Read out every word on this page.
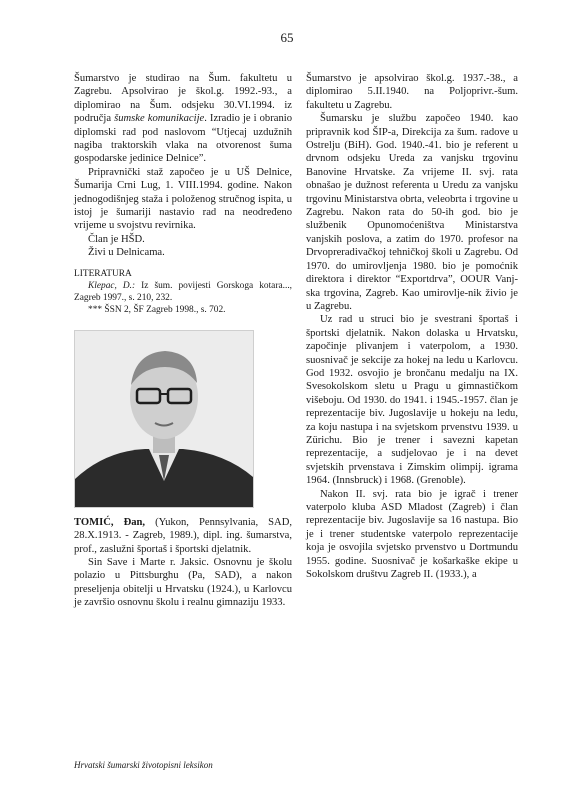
65

Šumarstvo je studirao na Šum. fakultetu u Zagrebu. Apsolvirao je škol.g. 1992.-93., a diplomirao na Šum. odsjeku 30.VI.1994. iz područja šumske komunikacije. Izradio je i obranio diplomski rad pod naslovom “Utjecaj uzdužnih nagiba traktorskih vlaka na otvorenost šuma gospodarske jedinice Delnice”.

Pripravnički staž započeo je u UŠ Delnice, Šumarija Crni Lug, 1. VIII.1994. godine. Nakon jednogodišnjeg staža i položenog stručnog ispita, u istoj je šumariji nastavio rad na neodređeno vrijeme u svojstvu revirnika.

Član je HŠD.

Živi u Delnicama.

LITERATURA

Klepac, D.: Iz šum. povijesti Gorskoga kotara..., Zagreb 1997., s. 210, 232.

*** ŠSN 2, ŠF Zagreb 1998., s. 702.

TOMIĆ, Đan, (Yukon, Pennsylvania, SAD, 28.X.1913. - Zagreb, 1989.), dipl. ing. šumarstva, prof., zaslužni športaš i športski djelatnik.

Sin Save i Marte r. Jaksic. Osnovnu je školu polazio u Pittsburghu (Pa, SAD), a nakon preseljenja obitelji u Hrvatsku (1924.), u Karlovcu je završio osnovnu školu i realnu gimnaziju 1933.

Šumarstvo je apsolvirao škol.g. 1937.-38., a diplomirao 5.II.1940. na Poljoprivr.-šum. fakultetu u Zagrebu.

Šumarsku je službu započeo 1940. kao pripravnik kod ŠIP-a, Direkcija za šum. radove u Ostrelju (BiH). God. 1940.-41. bio je referent u drvnom odsjeku Ureda za vanjsku trgovinu Banovine Hrvatske. Za vrijeme II. svj. rata obnašao je dužnost referenta u Uredu za vanjsku trgovinu Ministarstva obrta, veleobrta i trgovine u Zagrebu. Nakon rata do 50-ih god. bio je službenik Opunomoćeništva Ministarstva vanjskih poslova, a zatim do 1970. profesor na Drvopreradivačkoj tehničkoj školi u Zagrebu. Od 1970. do umirovljenja 1980. bio je pomoćnik direktora i direktor “Exportdrva”, OOUR Vanj-ska trgovina, Zagreb. Kao umirovlje-nik živio je u Zagrebu.

Uz rad u struci bio je svestrani športaš i športski djelatnik. Nakon dolaska u Hrvatsku, započinje plivanjem i vaterpolom, a 1930. suosnivač je sekcije za hokej na ledu u Karlovcu. God 1932. osvojio je brončanu medalju na IX. Svesokolskom sletu u Pragu u gimnastičkom višeboju. Od 1930. do 1941. i 1945.-1957. član je reprezentacije biv. Jugoslavije u hokeju na ledu, za koju nastupa i na svjetskom prvenstvu 1939. u Zürichu. Bio je trener i savezni kapetan reprezentacije, a sudjelovao je i na devet svjetskih prvenstava i Zimskim olimpij. igrama 1964. (Innsbruck) i 1968. (Grenoble).

Nakon II. svj. rata bio je igrač i trener vaterpolo kluba ASD Mladost (Zagreb) i član reprezentacije biv. Jugoslavije sa 16 nastupa. Bio je i trener studentske vaterpolo reprezentacije koja je osvojila svjetsko prvenstvo u Dortmundu 1955. godine. Suosnivač je košarkaške ekipe u Sokolskom društvu Zagreb II. (1933.), a

Hrvatski šumarski životopisni leksikon
